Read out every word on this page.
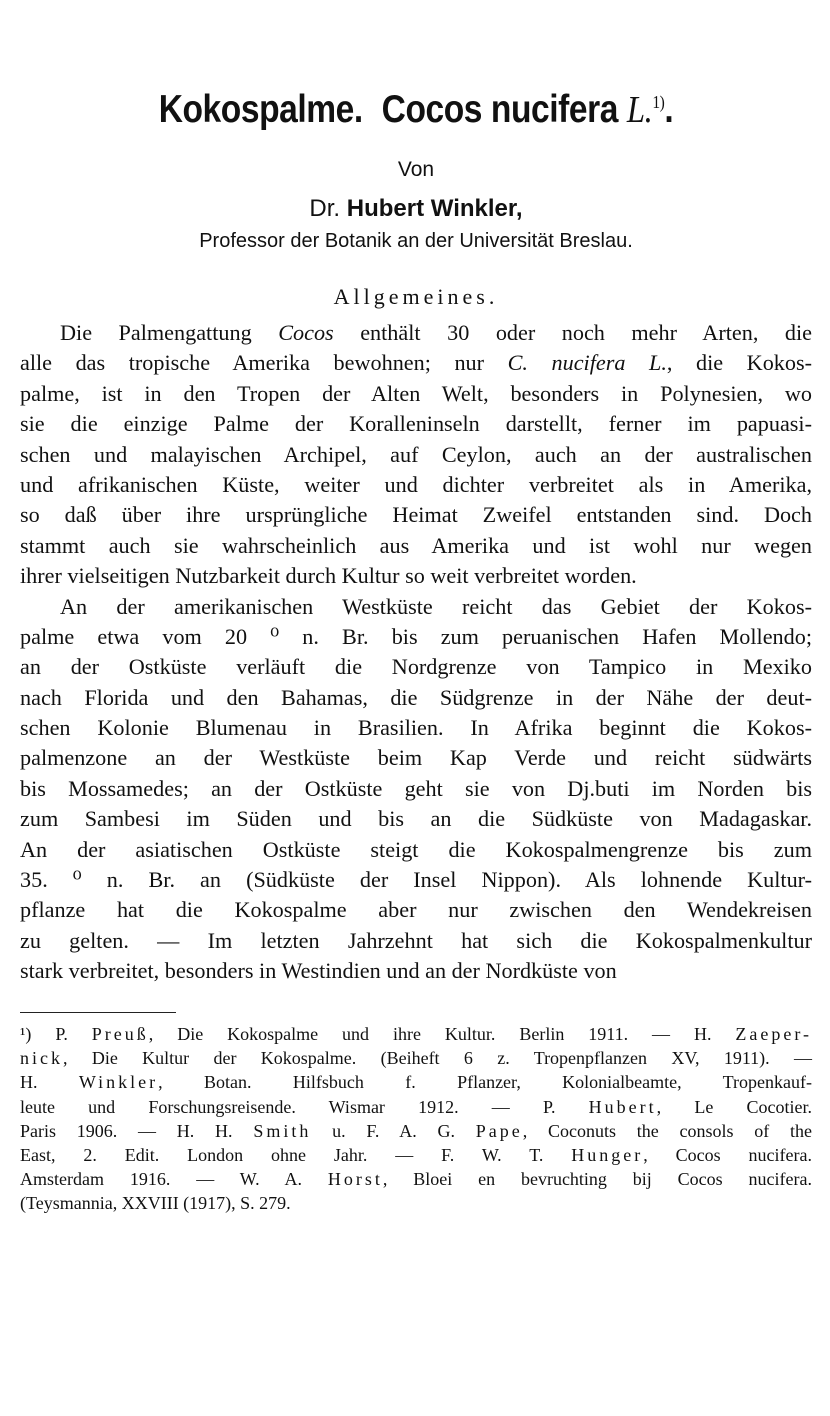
Kokospalme. Cocos nucifera L.$^{1)}$.
Von
Dr. Hubert Winkler,
Professor der Botanik an der Universität Breslau.
Allgemeines.
Die Palmengattung Cocos enthält 30 oder noch mehr Arten, die
alle das tropische Amerika bewohnen; nur C. nucifera L., die Kokos-
palme, ist in den Tropen der Alten Welt, besonders in Polynesien, wo
sie die einzige Palme der Koralleninseln darstellt, ferner im papuasi-
schen und malayischen Archipel, auf Ceylon, auch an der australischen
und afrikanischen Küste, weiter und dichter verbreitet als in Amerika,
so daß über ihre ursprüngliche Heimat Zweifel entstanden sind. Doch
stammt auch sie wahrscheinlich aus Amerika und ist wohl nur wegen
ihrer vielseitigen Nutzbarkeit durch Kultur so weit verbreitet worden.
An der amerikanischen Westküste reicht das Gebiet der Kokos-
palme etwa vom 20 ⁰ n. Br. bis zum peruanischen Hafen Mollendo;
an der Ostküste verläuft die Nordgrenze von Tampico in Mexiko
nach Florida und den Bahamas, die Südgrenze in der Nähe der deut-
schen Kolonie Blumenau in Brasilien. In Afrika beginnt die Kokos-
palmenzone an der Westküste beim Kap Verde und reicht südwärts
bis Mossamedes; an der Ostküste geht sie von Dj.buti im Norden bis
zum Sambesi im Süden und bis an die Südküste von Madagaskar.
An der asiatischen Ostküste steigt die Kokospalmengrenze bis zum
35. ⁰ n. Br. an (Südküste der Insel Nippon). Als lohnende Kultur-
pflanze hat die Kokospalme aber nur zwischen den Wendekreisen
zu gelten. — Im letzten Jahrzehnt hat sich die Kokospalmenkultur
stark verbreitet, besonders in Westindien und an der Nordküste von
¹) P. Preuß, Die Kokospalme und ihre Kultur. Berlin 1911. — H. Zaeper-
nick, Die Kultur der Kokospalme. (Beiheft 6 z. Tropenpflanzen XV, 1911). —
H. Winkler, Botan. Hilfsbuch f. Pflanzer, Kolonialbeamte, Tropenkauf-
leute und Forschungsreisende. Wismar 1912. — P. Hubert, Le Cocotier.
Paris 1906. — H. H. Smith u. F. A. G. Pape, Coconuts the consols of the
East, 2. Edit. London ohne Jahr. — F. W. T. Hunger, Cocos nucifera.
Amsterdam 1916. — W. A. Horst, Bloei en bevruchting bij Cocos nucifera.
(Teysmannia, XXVIII (1917), S. 279.
